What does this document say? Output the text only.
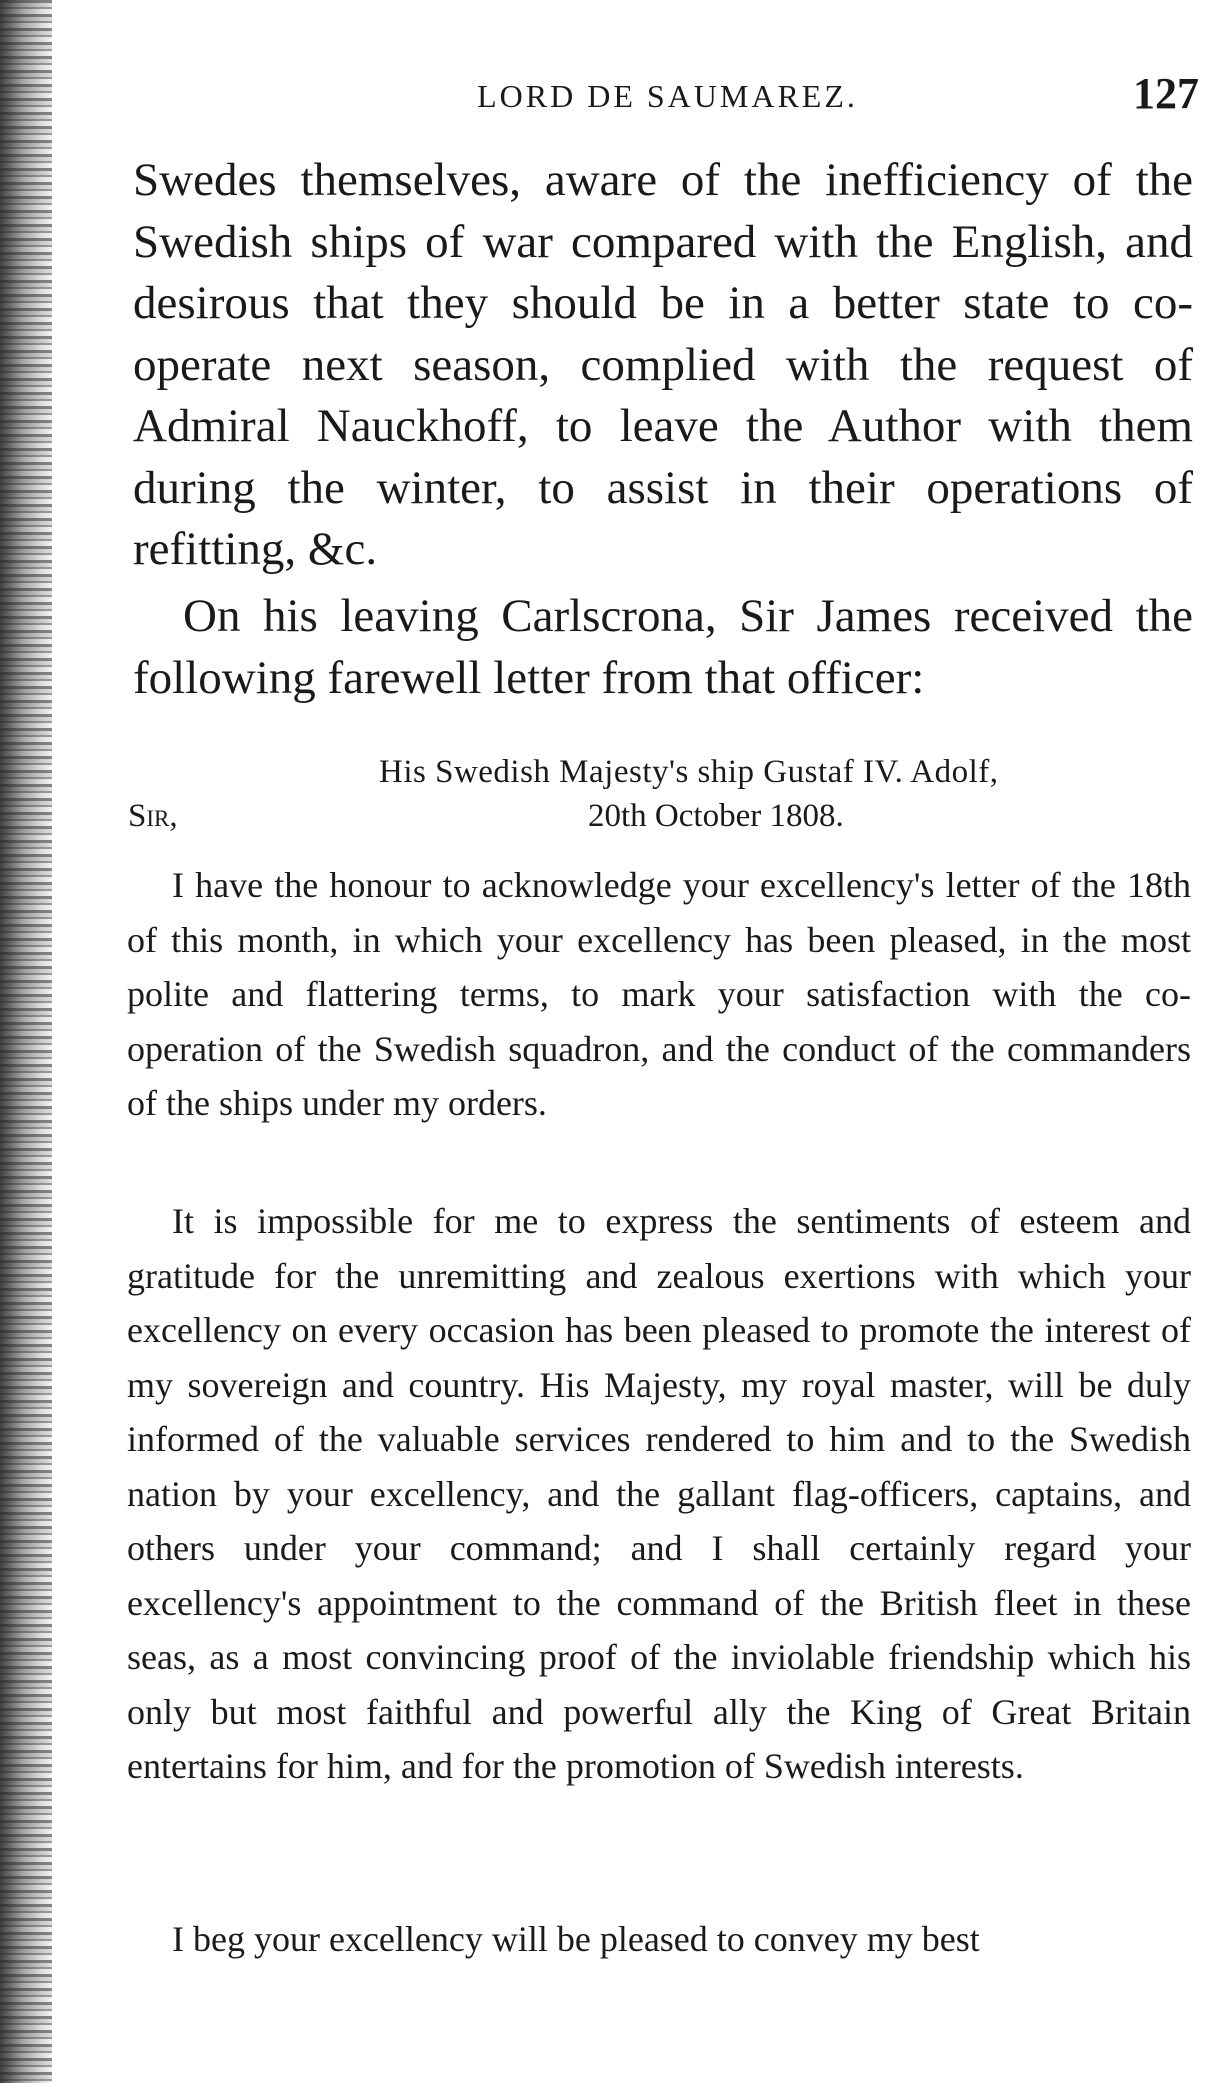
LORD DE SAUMAREZ.	127

Swedes themselves, aware of the inefficiency of the Swedish ships of war compared with the English, and desirous that they should be in a better state to co-operate next season, complied with the request of Admiral Nauckhoff, to leave the Author with them during the winter, to assist in their operations of refitting, &c.

On his leaving Carlscrona, Sir James received the following farewell letter from that officer:

His Swedish Majesty's ship Gustaf IV. Adolf,
Sir,	20th October 1808.

I have the honour to acknowledge your excellency's letter of the 18th of this month, in which your excellency has been pleased, in the most polite and flattering terms, to mark your satisfaction with the co-operation of the Swedish squadron, and the conduct of the commanders of the ships under my orders.

It is impossible for me to express the sentiments of esteem and gratitude for the unremitting and zealous exertions with which your excellency on every occasion has been pleased to promote the interest of my sovereign and country. His Majesty, my royal master, will be duly informed of the valuable services rendered to him and to the Swedish nation by your excellency, and the gallant flag-officers, captains, and others under your command; and I shall certainly regard your excellency's appointment to the command of the British fleet in these seas, as a most convincing proof of the inviolable friendship which his only but most faithful and powerful ally the King of Great Britain entertains for him, and for the promotion of Swedish interests.

I beg your excellency will be pleased to convey my best
